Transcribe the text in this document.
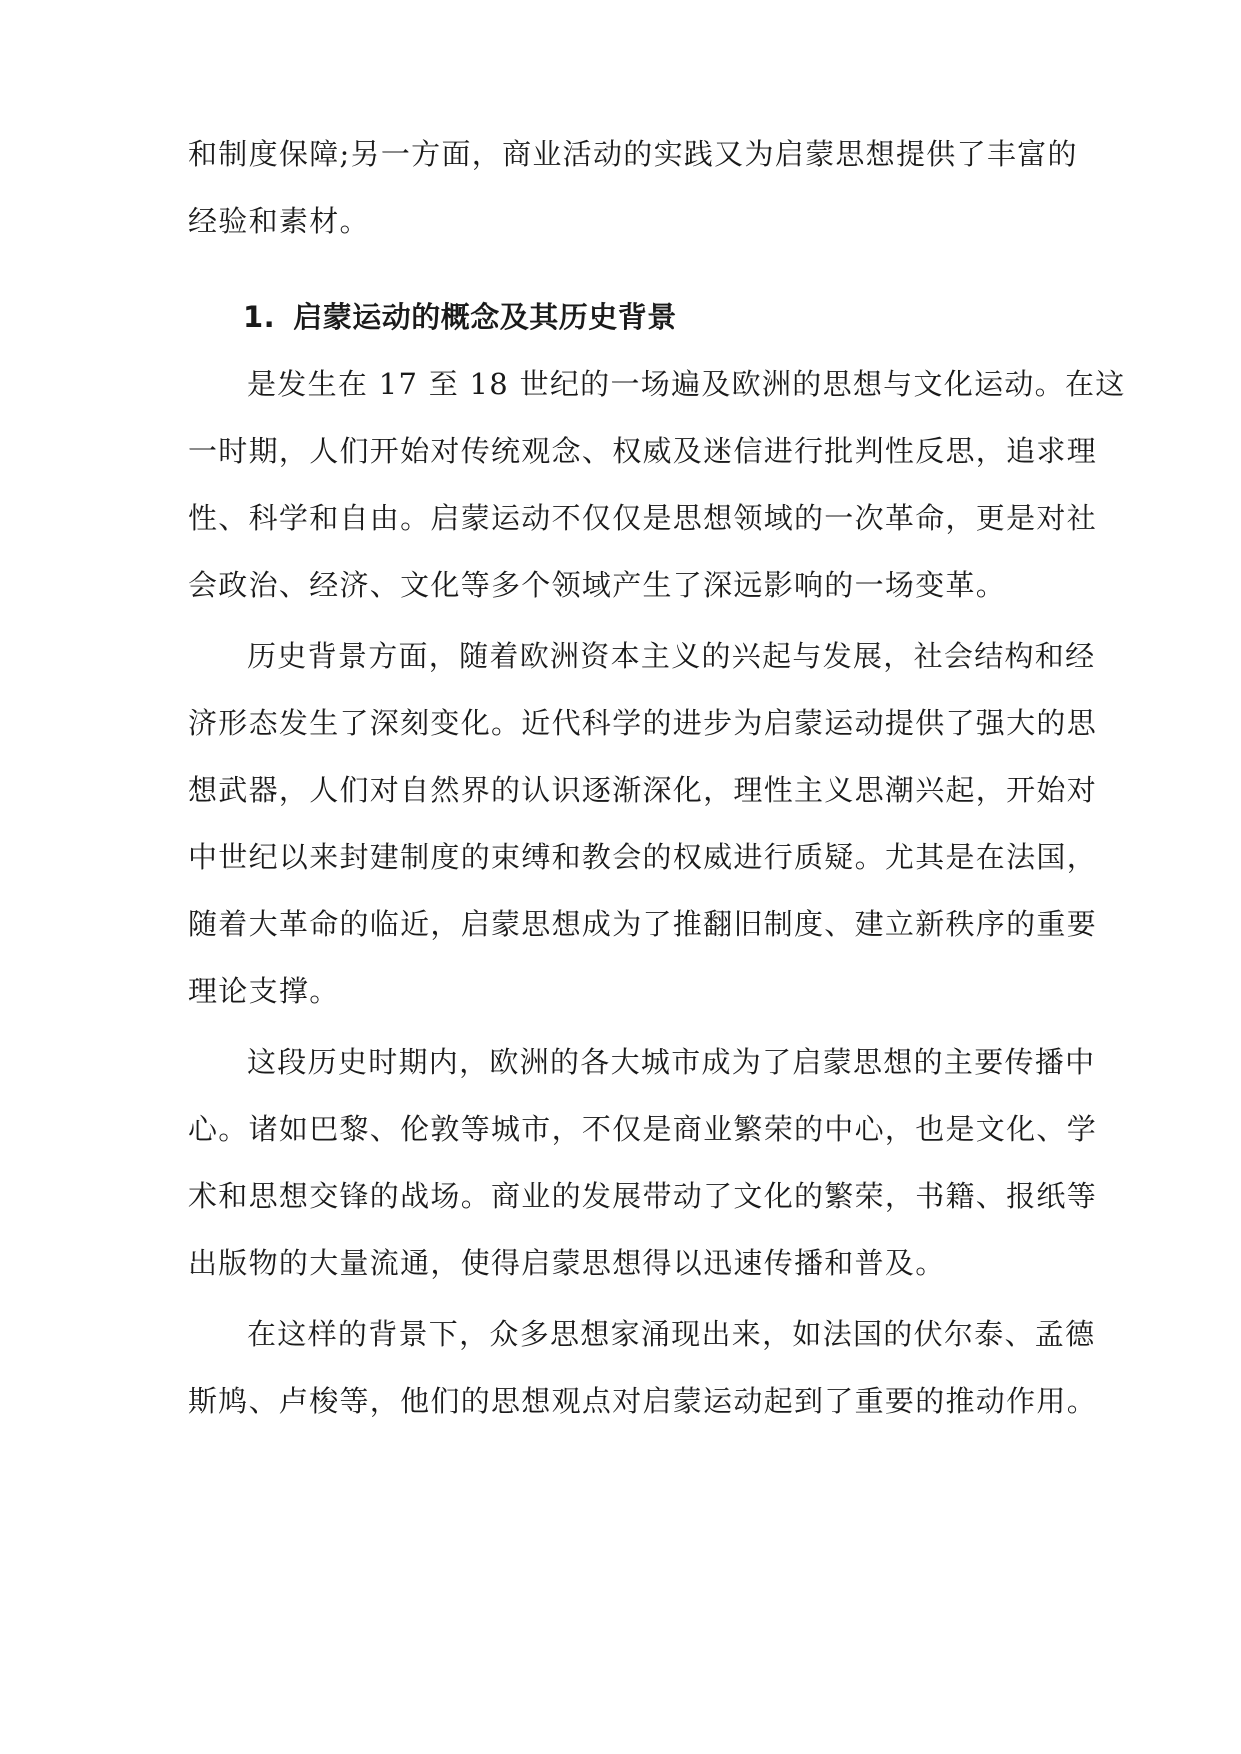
和制度保障;另一方面，商业活动的实践又为启蒙思想提供了丰富的
经验和素材。
1. 启蒙运动的概念及其历史背景
是发生在 17 至 18 世纪的一场遍及欧洲的思想与文化运动。在这
一时期，人们开始对传统观念、权威及迷信进行批判性反思，追求理
性、科学和自由。启蒙运动不仅仅是思想领域的一次革命，更是对社
会政治、经济、文化等多个领域产生了深远影响的一场变革。
历史背景方面，随着欧洲资本主义的兴起与发展，社会结构和经
济形态发生了深刻变化。近代科学的进步为启蒙运动提供了强大的思
想武器，人们对自然界的认识逐渐深化，理性主义思潮兴起，开始对
中世纪以来封建制度的束缚和教会的权威进行质疑。尤其是在法国，
随着大革命的临近，启蒙思想成为了推翻旧制度、建立新秩序的重要
理论支撑。
这段历史时期内，欧洲的各大城市成为了启蒙思想的主要传播中
心。诸如巴黎、伦敦等城市，不仅是商业繁荣的中心，也是文化、学
术和思想交锋的战场。商业的发展带动了文化的繁荣，书籍、报纸等
出版物的大量流通，使得启蒙思想得以迅速传播和普及。
在这样的背景下，众多思想家涌现出来，如法国的伏尔泰、孟德
斯鸠、卢梭等，他们的思想观点对启蒙运动起到了重要的推动作用。
